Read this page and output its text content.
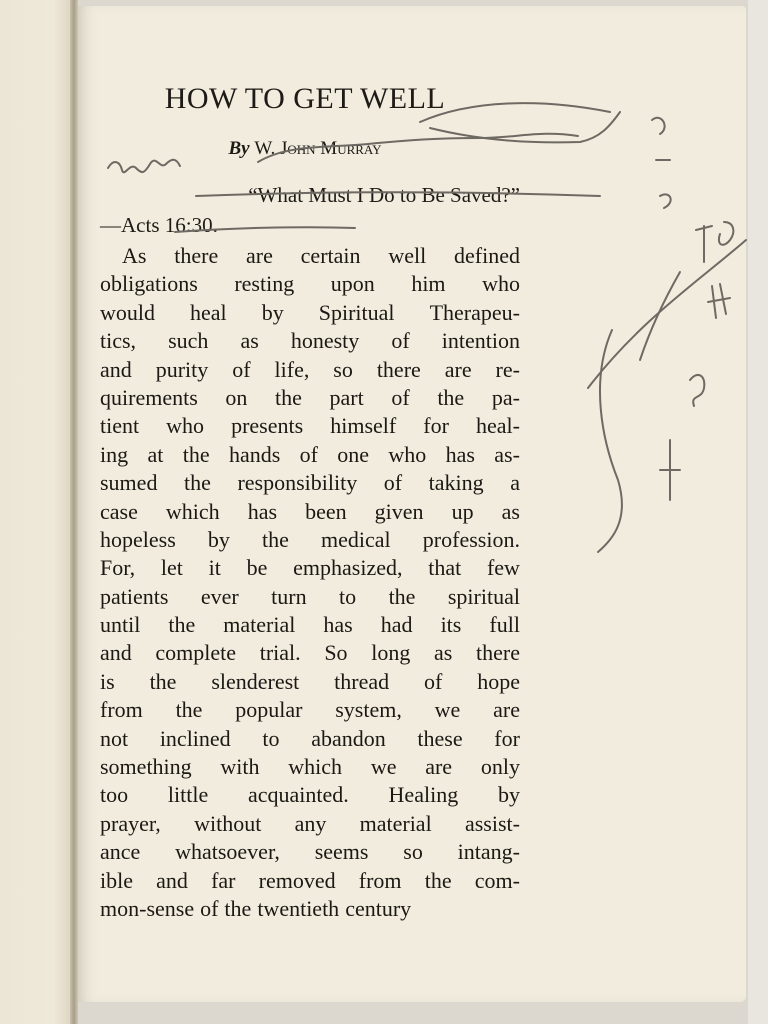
HOW TO GET WELL
By W. John Murray
“What Must I Do to Be Saved?”
—Acts 16:30.
As there are certain well defined
obligations resting upon him who
would heal by Spiritual Therapeu-
tics, such as honesty of intention
and purity of life, so there are re-
quirements on the part of the pa-
tient who presents himself for heal-
ing at the hands of one who has as-
sumed the responsibility of taking a
case which has been given up as
hopeless by the medical profession.
For, let it be emphasized, that few
patients ever turn to the spiritual
until the material has had its full
and complete trial. So long as there
is the slenderest thread of hope
from the popular system, we are
not inclined to abandon these for
something with which we are only
too little acquainted. Healing by
prayer, without any material assist-
ance whatsoever, seems so intang-
ible and far removed from the com-
mon-sense of the twentieth century
